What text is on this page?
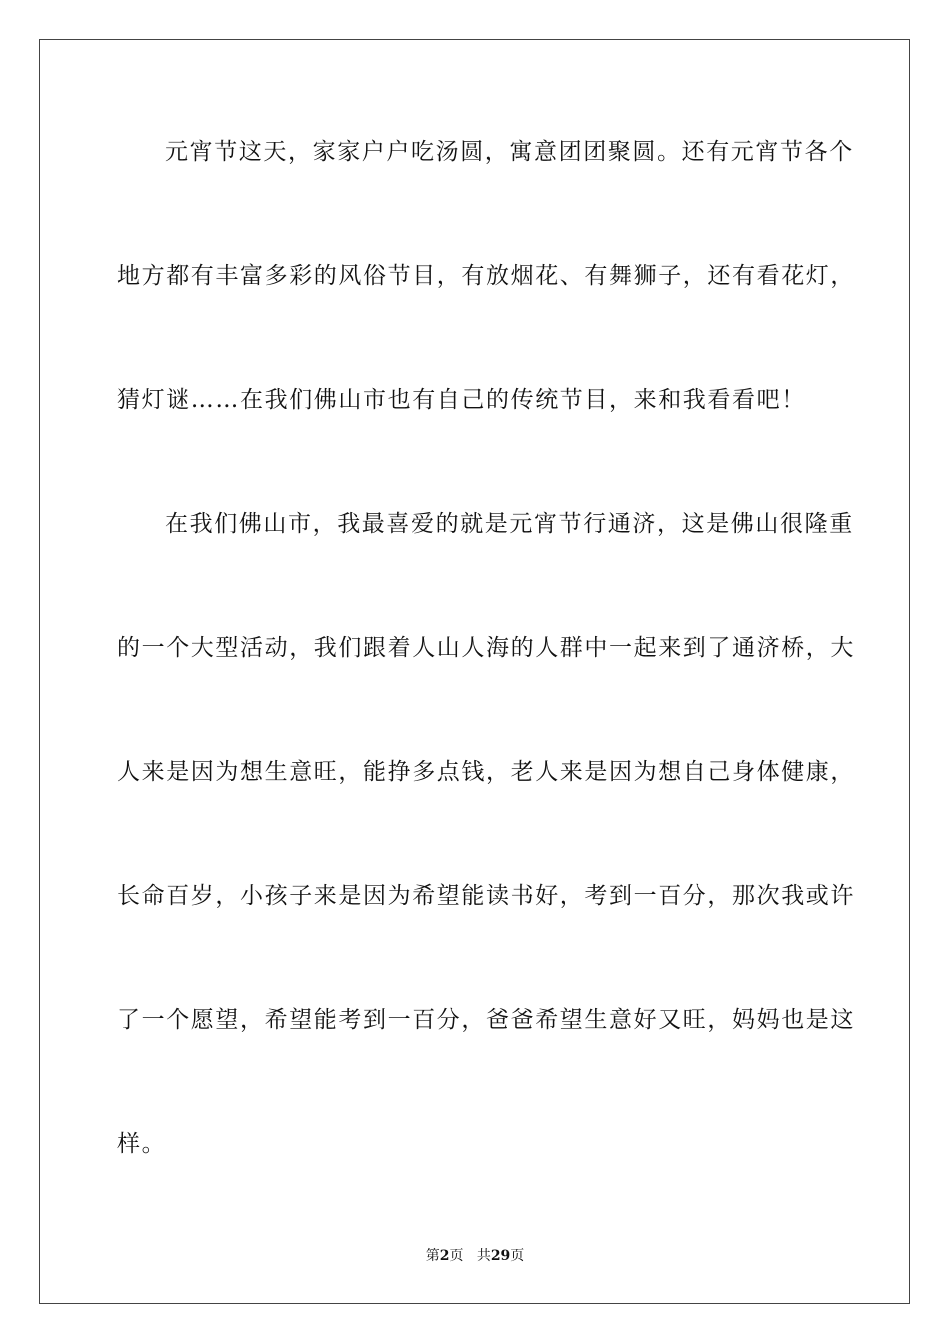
元宵节这天，家家户户吃汤圆，寓意团团聚圆。还有元宵节各个
地方都有丰富多彩的风俗节目，有放烟花、有舞狮子，还有看花灯，
猜灯谜……在我们佛山市也有自己的传统节目，来和我看看吧！
在我们佛山市，我最喜爱的就是元宵节行通济，这是佛山很隆重
的一个大型活动，我们跟着人山人海的人群中一起来到了通济桥，大
人来是因为想生意旺，能挣多点钱，老人来是因为想自己身体健康，
长命百岁，小孩子来是因为希望能读书好，考到一百分，那次我或许
了一个愿望，希望能考到一百分，爸爸希望生意好又旺，妈妈也是这
样。
第2页 共29页
